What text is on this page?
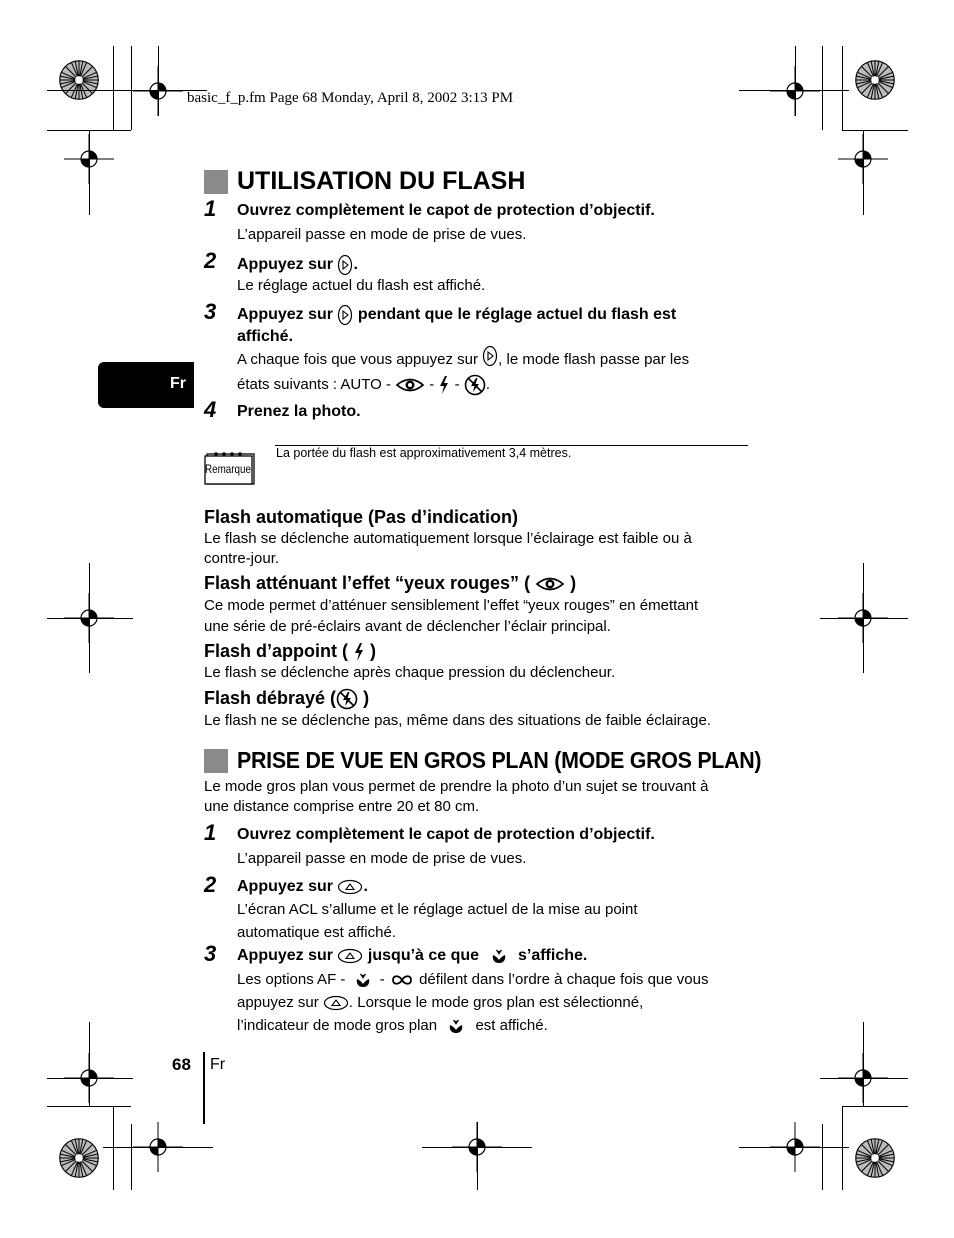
basic_f_p.fm Page 68 Monday, April 8, 2002 3:13 PM
Fr
UTILISATION DU FLASH
1 Ouvrez complètement le capot de protection d’objectif.
L’appareil passe en mode de prise de vues.
2 Appuyez sur .
Le réglage actuel du flash est affiché.
3 Appuyez sur pendant que le réglage actuel du flash est
affiché.
A chaque fois que vous appuyez sur , le mode flash passe par les
états suivants : AUTO -	- - .
4 Prenez la photo.
Remarque
La portée du flash est approximativement 3,4 mètres.
Flash automatique (Pas d’indication)
Le flash se déclenche automatiquement lorsque l’éclairage est faible ou à
contre-jour.
Flash atténuant l’effet “yeux rouges” ( )
Ce mode permet d’atténuer sensiblement l’effet “yeux rouges” en émettant
une série de pré-éclairs avant de déclencher l’éclair principal.
Flash d’appoint ( )
Le flash se déclenche après chaque pression du déclencheur.
Flash débrayé ( )
Le flash ne se déclenche pas, même dans des situations de faible éclairage.
PRISE DE VUE EN GROS PLAN (MODE GROS PLAN)
Le mode gros plan vous permet de prendre la photo d’un sujet se trouvant à
une distance comprise entre 20 et 80 cm.
1 Ouvrez complètement le capot de protection d’objectif.
L’appareil passe en mode de prise de vues.
2 Appuyez sur .
L’écran ACL s’allume et le réglage actuel de la mise au point
automatique est affiché.
3 Appuyez sur jusqu’à ce que s’affiche.
Les options AF - - défilent dans l’ordre à chaque fois que vous
appuyez sur . Lorsque le mode gros plan est sélectionné,
l’indicateur de mode gros plan	est affiché.
68 Fr
